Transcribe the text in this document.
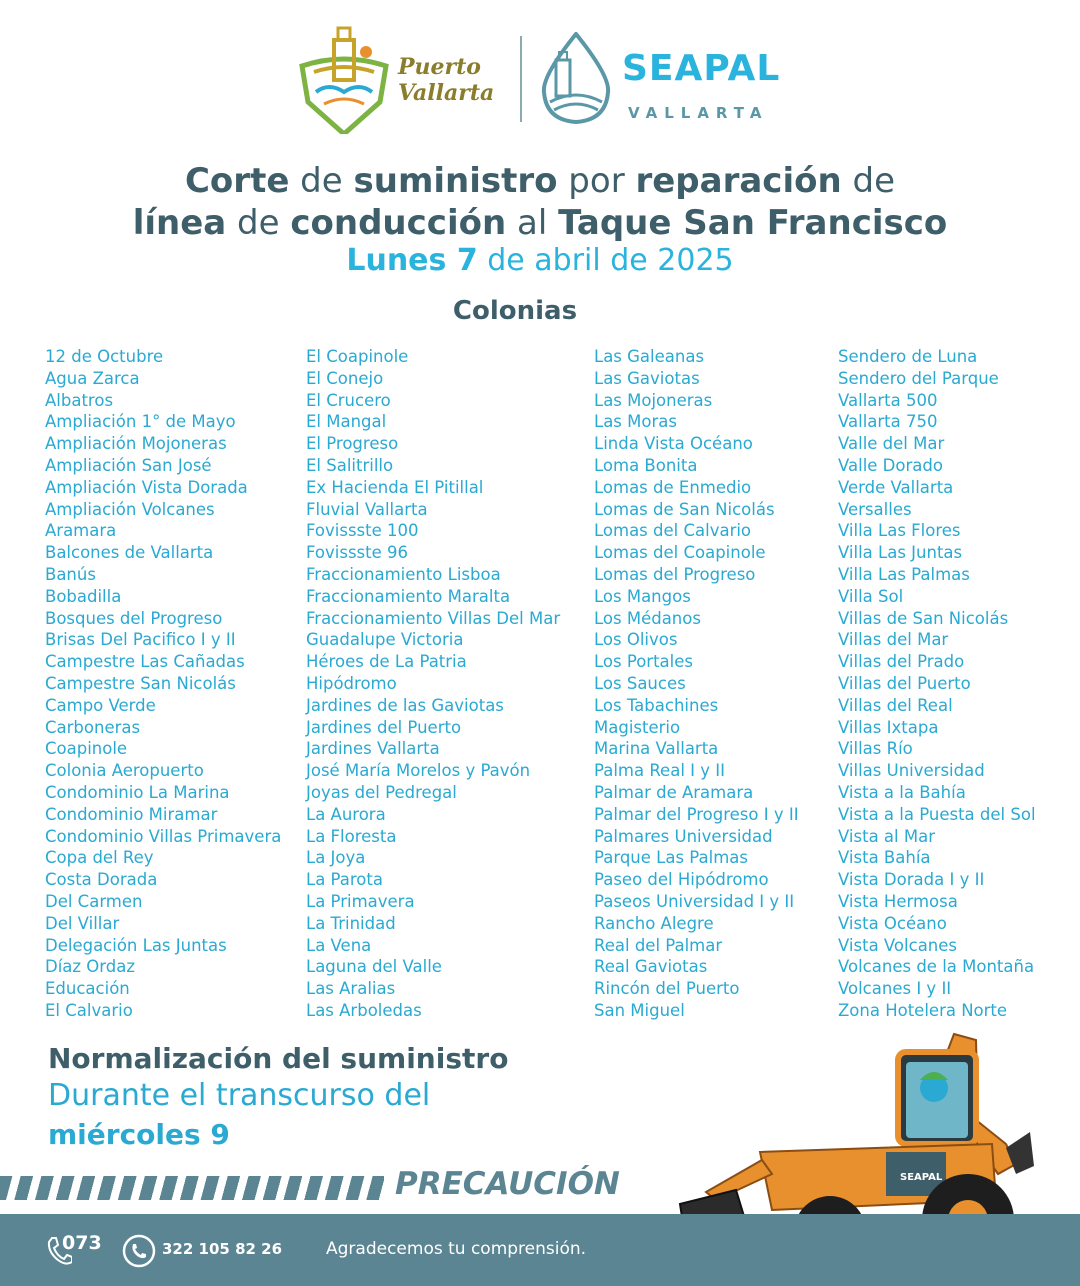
Puerto
Vallarta
SEAPAL
VALLARTA
Corte de suministro por reparación de
línea de conducción al Taque San Francisco
Lunes 7 de abril de 2025
Colonias
12 de Octubre
Agua Zarca
Albatros
Ampliación 1° de Mayo
Ampliación Mojoneras
Ampliación San José
Ampliación Vista Dorada
Ampliación Volcanes
Aramara
Balcones de Vallarta
Banús
Bobadilla
Bosques del Progreso
Brisas Del Pacifico I y II
Campestre Las Cañadas
Campestre San Nicolás
Campo Verde
Carboneras
Coapinole
Colonia Aeropuerto
Condominio La Marina
Condominio Miramar
Condominio Villas Primavera
Copa del Rey
Costa Dorada
Del Carmen
Del Villar
Delegación Las Juntas
Díaz Ordaz
Educación
El Calvario
El Coapinole
El Conejo
El Crucero
El Mangal
El Progreso
El Salitrillo
Ex Hacienda El Pitillal
Fluvial Vallarta
Fovissste 100
Fovissste 96
Fraccionamiento Lisboa
Fraccionamiento Maralta
Fraccionamiento Villas Del Mar
Guadalupe Victoria
Héroes de La Patria
Hipódromo
Jardines de las Gaviotas
Jardines del Puerto
Jardines Vallarta
José María Morelos y Pavón
Joyas del Pedregal
La Aurora
La Floresta
La Joya
La Parota
La Primavera
La Trinidad
La Vena
Laguna del Valle
Las Aralias
Las Arboledas
Las Galeanas
Las Gaviotas
Las Mojoneras
Las Moras
Linda Vista Océano
Loma Bonita
Lomas de Enmedio
Lomas de San Nicolás
Lomas del Calvario
Lomas del Coapinole
Lomas del Progreso
Los Mangos
Los Médanos
Los Olivos
Los Portales
Los Sauces
Los Tabachines
Magisterio
Marina Vallarta
Palma Real I y II
Palmar de Aramara
Palmar del Progreso I y II
Palmares Universidad
Parque Las Palmas
Paseo del Hipódromo
Paseos Universidad I y II
Rancho Alegre
Real del Palmar
Real Gaviotas
Rincón del Puerto
San Miguel
Sendero de Luna
Sendero del Parque
Vallarta 500
Vallarta 750
Valle del Mar
Valle Dorado
Verde Vallarta
Versalles
Villa Las Flores
Villa Las Juntas
Villa Las Palmas
Villa Sol
Villas de San Nicolás
Villas del Mar
Villas del Prado
Villas del Puerto
Villas del Real
Villas Ixtapa
Villas Río
Villas Universidad
Vista a la Bahía
Vista a la Puesta del Sol
Vista al Mar
Vista Bahía
Vista Dorada I y II
Vista Hermosa
Vista Océano
Vista Volcanes
Volcanes de la Montaña
Volcanes I y II
Zona Hotelera Norte
Normalización del suministro
Durante el transcurso del
miércoles 9
PRECAUCIÓN	SEAPAL
073	322 105 82 26	Agradecemos tu comprensión.
